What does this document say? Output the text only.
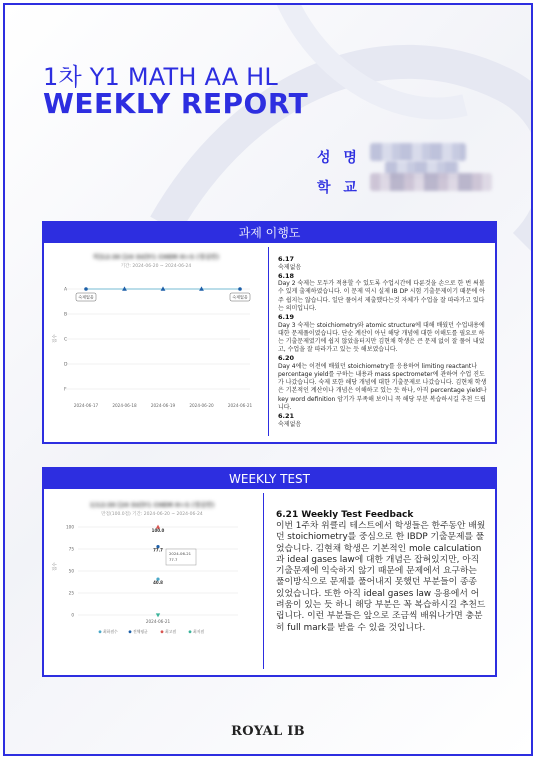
1차 Y1 MATH AA HL
WEEKLY REPORT
성 명
학 교
과제 이행도
차]12:30 [24 SU]Y1 CHEM H+S (정심반)
기간: 2024-06-20 ~ 2024-06-24
A
B
C
D
F
2024-06-17	2024-06-18	2024-06-19	2024-06-20	2024-06-21
점수
숙제없음	숙제없음
6.17
숙제없음
6.18
Day 2 숙제는 모두가 적용할 수 있도록 수업시간에 다룬것을 손으로 한 번 써볼 수 있게 출제하였습니다. 이 문제 역시 실제 IB DP 시험 기출문제이기 때문에 아주 쉽지는 않습니다. 일단 풀어서 제출했다는것 자체가 수업을 잘 따라가고 있다는 의미입니다.
6.19
Day 3 숙제는 stoichiometry와 atomic structure에 대해 배웠던 수업내용에 대한 문제풀이였습니다. 단순 계산이 아닌 해당 개념에 대한 이해도를 필요로 하는 기출문제였기에 쉽지 않았을터지만 김현채 학생은 큰 문제 없이 잘 풀어 내었고, 수업을 잘 따라가고 있는 듯 해보였습니다.
6.20
Day 4에는 이전에 배웠던 stoichiometry를 응용하여 limiting reactant나 percentage yield를 구하는 내용과 mass spectrometer에 관하여 수업 진도가 나갔습니다. 숙제 또한 해당 개념에 대한 기출문제로 나갔습니다. 김현채 학생은 기본적인 계산이나 개념은 이해하고 있는 듯 하나, 아직 percentage yield나 key word definition 암기가 부족해 보이니 꼭 해당 부분 복습하시길 추천 드립니다.
6.21
숙제없음
WEEKLY TEST
1)12:30 [24 SU]Y1 CHEM H+S (정심반)
만점(100.0점) 기간: 2024-06-20 ~ 2024-06-24
100
75
50
25
0
2024-06-21
점수
100.0
77.7
40.8
2024-06-21
77.7
최하점수	전체평균	최고점	최저점
6.21 Weekly Test Feedback
이번 1주차 위클리 테스트에서 학생들은 한주동안 배웠던 stoichiometry를 중심으로 한 IBDP 기출문제를 풀었습니다. 김현채 학생은 기본적인 mole calculation과 ideal gases law에 대한 개념은 잡혀있지만, 아직 기출문제에 익숙하지 않기 때문에 문제에서 요구하는 풀이방식으로 문제를 풀어내지 못했던 부분들이 종종 있었습니다. 또한 아직 ideal gases law 응용에서 어려움이 있는 듯 하니 해당 부분은 꼭 복습하시길 추천드립니다. 이런 부분들은 앞으로 조금씩 배워나가면 충분히 full mark를 받을 수 있을 것입니다.
ROYAL IB
